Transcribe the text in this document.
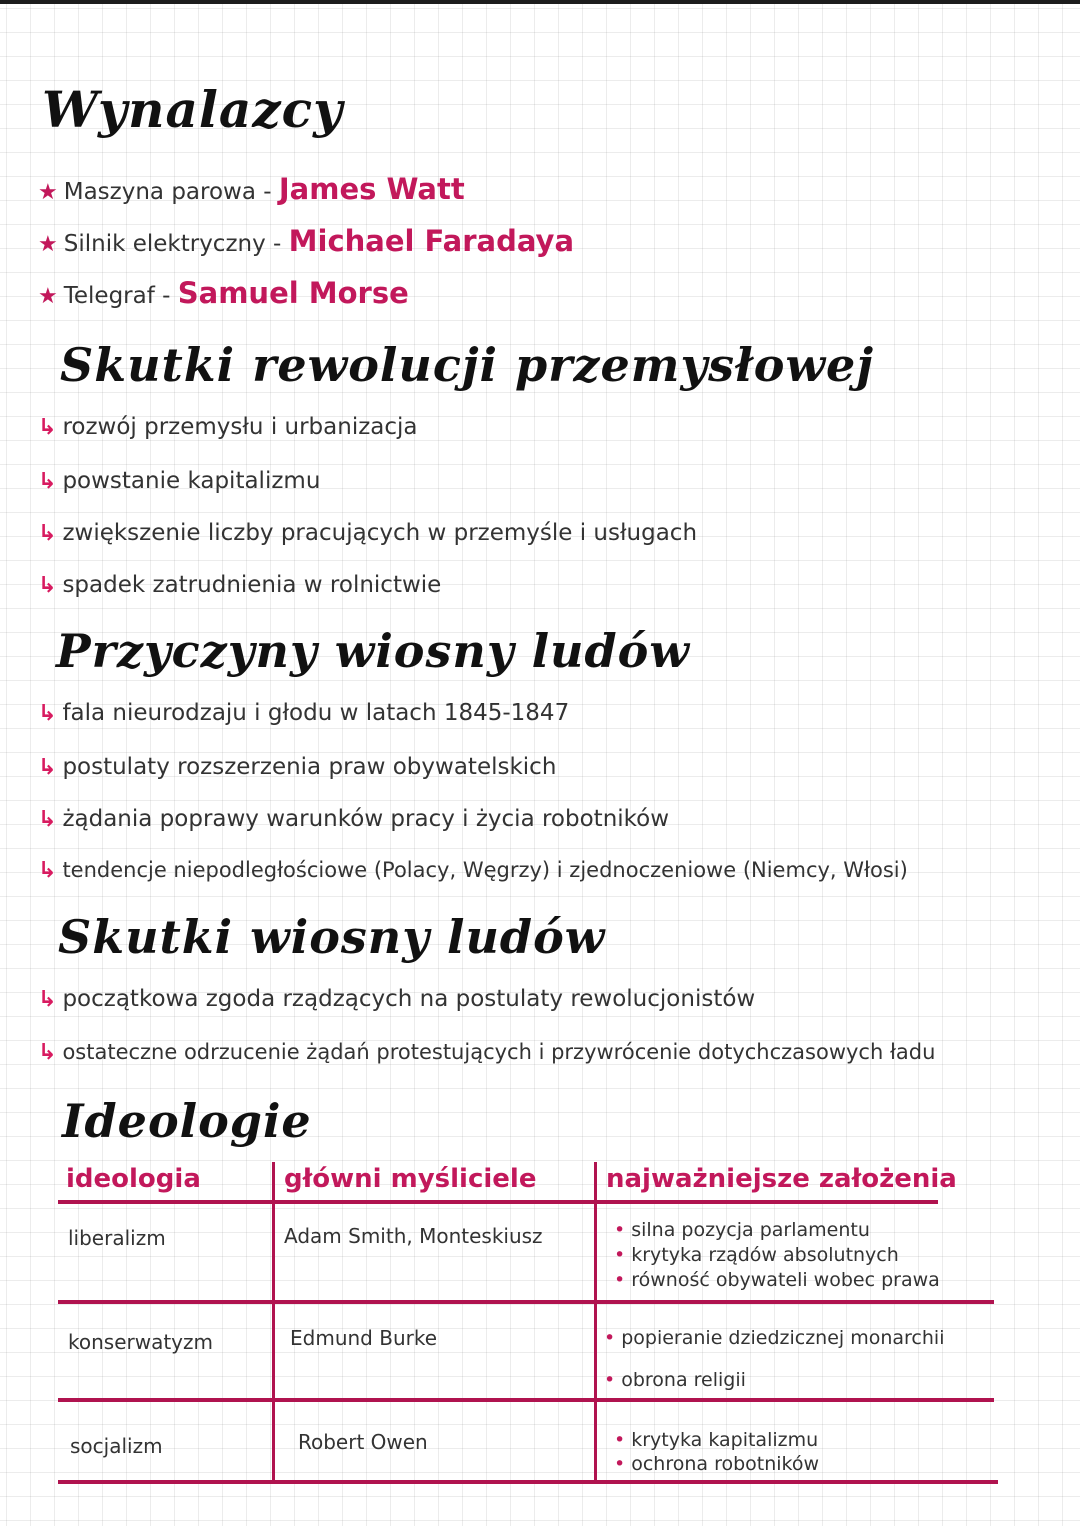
Wynalazcy
★ Maszyna parowa - James Watt
★ Silnik elektryczny - Michael Faradaya
★ Telegraf - Samuel Morse
Skutki rewolucji przemysłowej
↳ rozwój przemysłu i urbanizacja
↳ powstanie kapitalizmu
↳ zwiększenie liczby pracujących w przemyśle i usługach
↳ spadek zatrudnienia w rolnictwie
Przyczyny wiosny ludów
↳ fala nieurodzaju i głodu w latach 1845-1847
↳ postulaty rozszerzenia praw obywatelskich
↳ żądania poprawy warunków pracy i życia robotników
↳ tendencje niepodległościowe (Polacy, Węgrzy) i zjednoczeniowe (Niemcy, Włosi)
Skutki wiosny ludów
↳ początkowa zgoda rządzących na postulaty rewolucjonistów
↳ ostateczne odrzucenie żądań protestujących i przywrócenie dotychczasowych ładu
Ideologie
ideologia	główni myśliciele	najważniejsze założenia
liberalizm	Adam Smith, Monteskiusz	• silna pozycja parlamentu
• krytyka rządów absolutnych
• równość obywateli wobec prawa
konserwatyzm	Edmund Burke	• popieranie dziedzicznej monarchii
• obrona religii
socjalizm	Robert Owen	• krytyka kapitalizmu
• ochrona robotników
